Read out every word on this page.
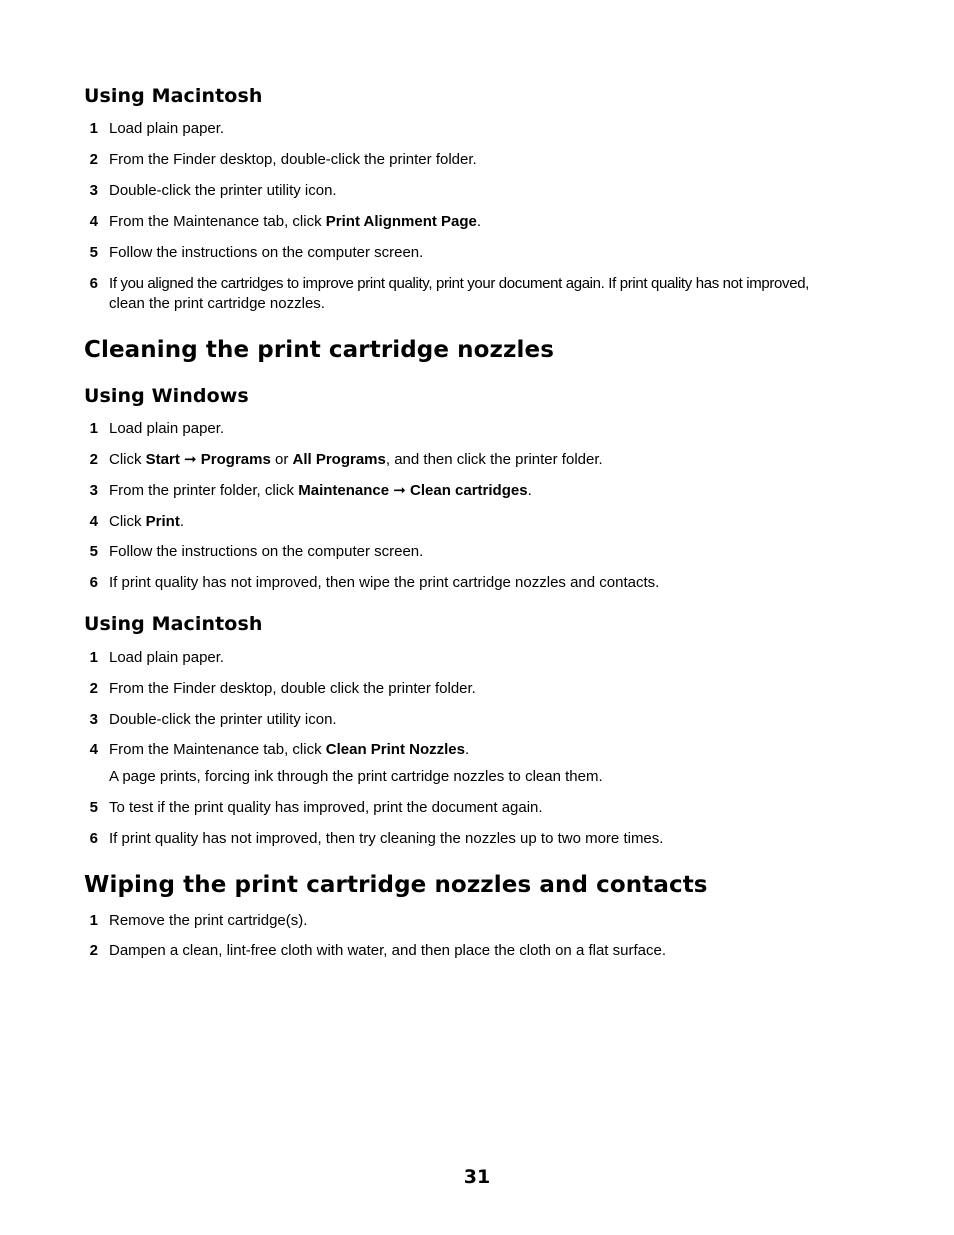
Using Macintosh
1 Load plain paper.
2 From the Finder desktop, double-click the printer folder.
3 Double-click the printer utility icon.
4 From the Maintenance tab, click Print Alignment Page.
5 Follow the instructions on the computer screen.
6 If you aligned the cartridges to improve print quality, print your document again. If print quality has not improved,
clean the print cartridge nozzles.
Cleaning the print cartridge nozzles
Using Windows
1 Load plain paper.
2 Click Start ➞ Programs or All Programs, and then click the printer folder.
3 From the printer folder, click Maintenance ➞ Clean cartridges.
4 Click Print.
5 Follow the instructions on the computer screen.
6 If print quality has not improved, then wipe the print cartridge nozzles and contacts.
Using Macintosh
1 Load plain paper.
2 From the Finder desktop, double click the printer folder.
3 Double-click the printer utility icon.
4 From the Maintenance tab, click Clean Print Nozzles.
A page prints, forcing ink through the print cartridge nozzles to clean them.
5 To test if the print quality has improved, print the document again.
6 If print quality has not improved, then try cleaning the nozzles up to two more times.
Wiping the print cartridge nozzles and contacts
1 Remove the print cartridge(s).
2 Dampen a clean, lint-free cloth with water, and then place the cloth on a flat surface.
31
